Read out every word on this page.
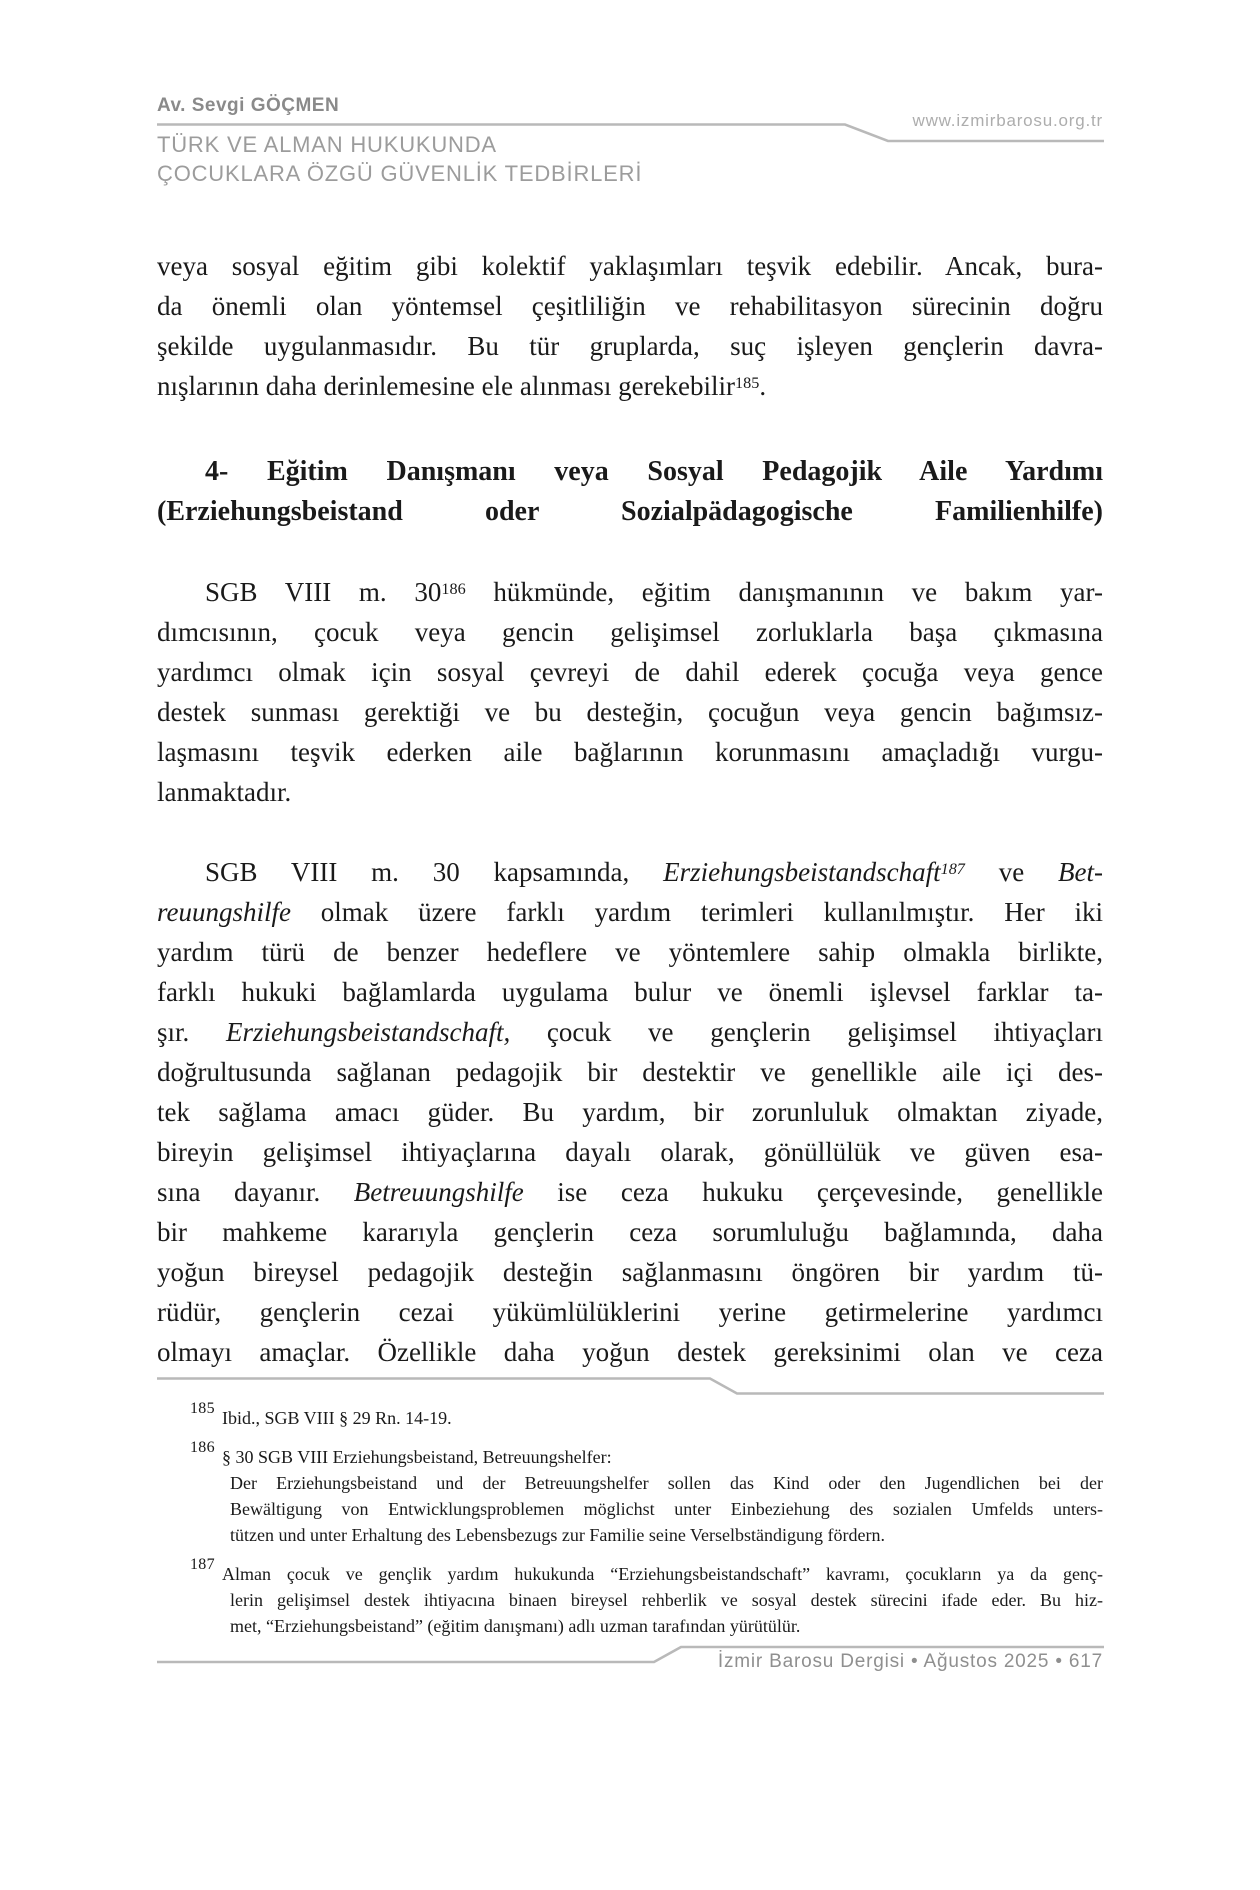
Av. Sevgi GÖÇMEN
www.izmirbarosu.org.tr
TÜRK VE ALMAN HUKUKUNDA
ÇOCUKLARA ÖZGÜ GÜVENLİK TEDBİRLERİ
veya sosyal eğitim gibi kolektif yaklaşımları teşvik edebilir. Ancak, bura-
da önemli olan yöntemsel çeşitliliğin ve rehabilitasyon sürecinin doğru
şekilde uygulanmasıdır. Bu tür gruplarda, suç işleyen gençlerin davra-
nışlarının daha derinlemesine ele alınması gerekebilir$^{185}$.
4- Eğitim Danışmanı veya Sosyal Pedagojik Aile Yardımı
(Erziehungsbeistand oder Sozialpädagogische Familienhilfe)
SGB VIII m. $30^{186}$ hükmünde, eğitim danışmanının ve bakım yar-
dımcısının, çocuk veya gencin gelişimsel zorluklarla başa çıkmasına
yardımcı olmak için sosyal çevreyi de dahil ederek çocuğa veya gence
destek sunması gerektiği ve bu desteğin, çocuğun veya gencin bağımsız-
laşmasını teşvik ederken aile bağlarının korunmasını amaçladığı vurgu-
lanmaktadır.
SGB VIII m. 30 kapsamında, Erziehungsbeistandschaft$^{187}$ ve Bet-
reuungshilfe olmak üzere farklı yardım terimleri kullanılmıştır. Her iki
yardım türü de benzer hedeflere ve yöntemlere sahip olmakla birlikte,
farklı hukuki bağlamlarda uygulama bulur ve önemli işlevsel farklar ta-
şır. Erziehungsbeistandschaft, çocuk ve gençlerin gelişimsel ihtiyaçları
doğrultusunda sağlanan pedagojik bir destektir ve genellikle aile içi des-
tek sağlama amacı güder. Bu yardım, bir zorunluluk olmaktan ziyade,
bireyin gelişimsel ihtiyaçlarına dayalı olarak, gönüllülük ve güven esa-
sına dayanır. Betreuungshilfe ise ceza hukuku çerçevesinde, genellikle
bir mahkeme kararıyla gençlerin ceza sorumluluğu bağlamında, daha
yoğun bireysel pedagojik desteğin sağlanmasını öngören bir yardım tü-
rüdür, gençlerin cezai yükümlülüklerini yerine getirmelerine yardımcı
olmayı amaçlar. Özellikle daha yoğun destek gereksinimi olan ve ceza
185 Ibid., SGB VIII § 29 Rn. 14-19.
186 § 30 SGB VIII Erziehungsbeistand, Betreuungshelfer:
Der Erziehungsbeistand und der Betreuungshelfer sollen das Kind oder den Jugendlichen bei der
Bewältigung von Entwicklungsproblemen möglichst unter Einbeziehung des sozialen Umfelds unters-
tützen und unter Erhaltung des Lebensbezugs zur Familie seine Verselbständigung fördern.
187 Alman çocuk ve gençlik yardım hukukunda “Erziehungsbeistandschaft” kavramı, çocukların ya da genç-
lerin gelişimsel destek ihtiyacına binaen bireysel rehberlik ve sosyal destek sürecini ifade eder. Bu hiz-
met, “Erziehungsbeistand” (eğitim danışmanı) adlı uzman tarafından yürütülür.
İzmir Barosu Dergisi • Ağustos 2025 • 617
